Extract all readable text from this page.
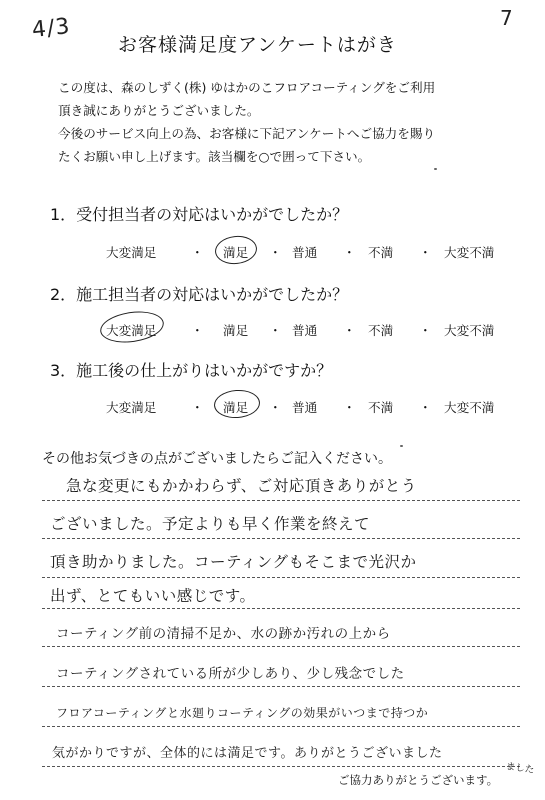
4/3	7
お客様満足度アンケートはがき
この度は、森のしずく(株) ゆはかのこフロアコーティングをご利用
頂き誠にありがとうございました。
今後のサービス向上の為、お客様に下記アンケートへご協力を賜り
たくお願い申し上げます。該当欄を○で囲って下さい。
1．受付担当者の対応はいかがでしたか？
大変満足	・ 満足 ・ 普通 ・ 不満 ・ 大変不満
2．施工担当者の対応はいかがでしたか？
大変満足	・ 満足 ・ 普通 ・ 不満 ・ 大変不満
3．施工後の仕上がりはいかがですか？
大変満足	・ 満足 ・ 普通 ・ 不満 ・ 大変不満
その他お気づきの点がございましたらご記入ください。
急な変更にもかかわらず、ご対応頂きありがとう
ございました。予定よりも早く作業を終えて
頂き助かりました。コーティングもそこまで光沢か
出ず、とてもいい感じです。
コーティング前の清掃不足か、水の跡か汚れの上から
コーティングされている所が少しあり、少し残念でした
フロアコーティングと水廻りコーティングの効果がいつまで持つか
気がかりですが、全体的には満足です。ありがとうございました
ました
ご協力ありがとうございます。
